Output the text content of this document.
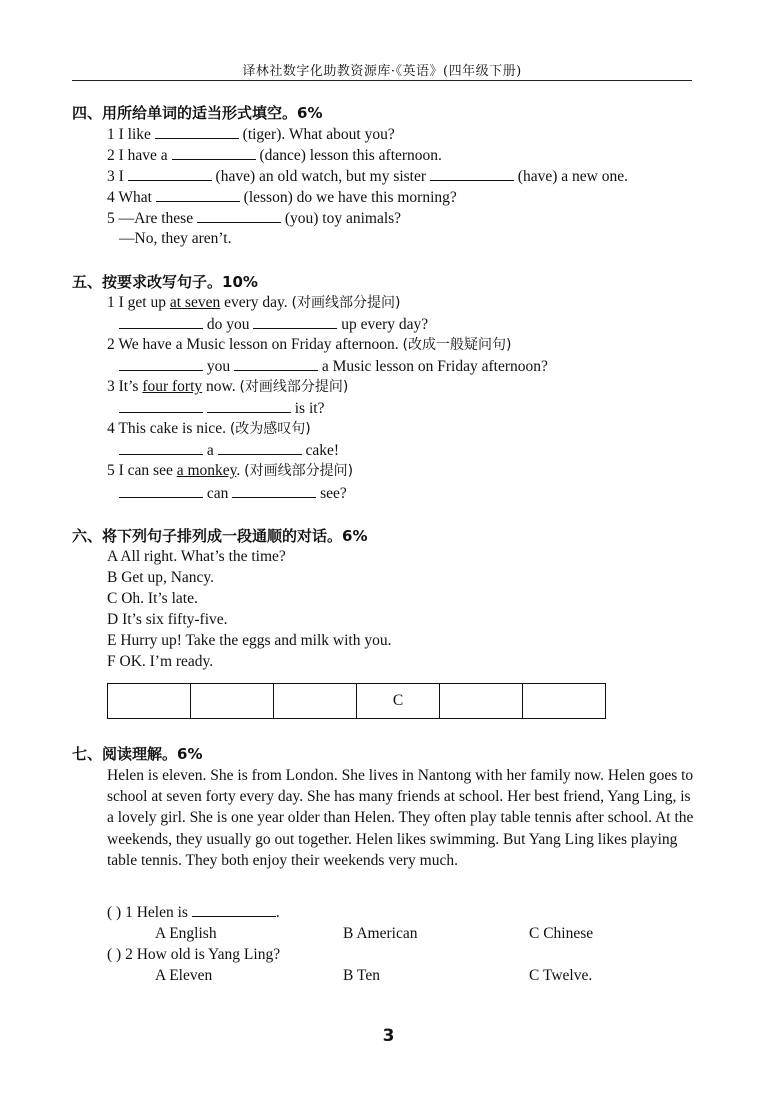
译林社数字化助教资源库·《英语》(四年级下册)
四、用所给单词的适当形式填空。6%
1 I like	(tiger). What about you?
2 I have a	(dance) lesson this afternoon.
3 I	(have) an old watch, but my sister	(have) a new one.
4 What	(lesson) do we have this morning?
5 —Are these	(you) toy animals?
—No, they aren’t.
五、按要求改写句子。10%
1 I get up at seven every day. (对画线部分提问)
do you	up every day?
2 We have a Music lesson on Friday afternoon. (改成一般疑问句)
you	a Music lesson on Friday afternoon?
3 It’s four forty now. (对画线部分提问)
is it?
4 This cake is nice. (改为感叹句)
a	cake!
5 I can see a monkey. (对画线部分提问)
can	see?
六、将下列句子排列成一段通顺的对话。6%
A All right. What’s the time?
B Get up, Nancy.
C Oh. It’s late.
D It’s six fifty-five.
E Hurry up! Take the eggs and milk with you.
F OK. I’m ready.
			C		
七、阅读理解。6%
Helen is eleven. She is from London. She lives in Nantong with her family now. Helen goes to school at seven forty every day. She has many friends at school. Her best friend, Yang Ling, is a lovely girl. She is one year older than Helen. They often play table tennis after school. At the weekends, they usually go out together. Helen likes swimming. But Yang Ling likes playing table tennis. They both enjoy their weekends very much.
( ) 1 Helen is	.
A English	B American	C Chinese
( ) 2 How old is Yang Ling?
A Eleven	B Ten	C Twelve.
3
